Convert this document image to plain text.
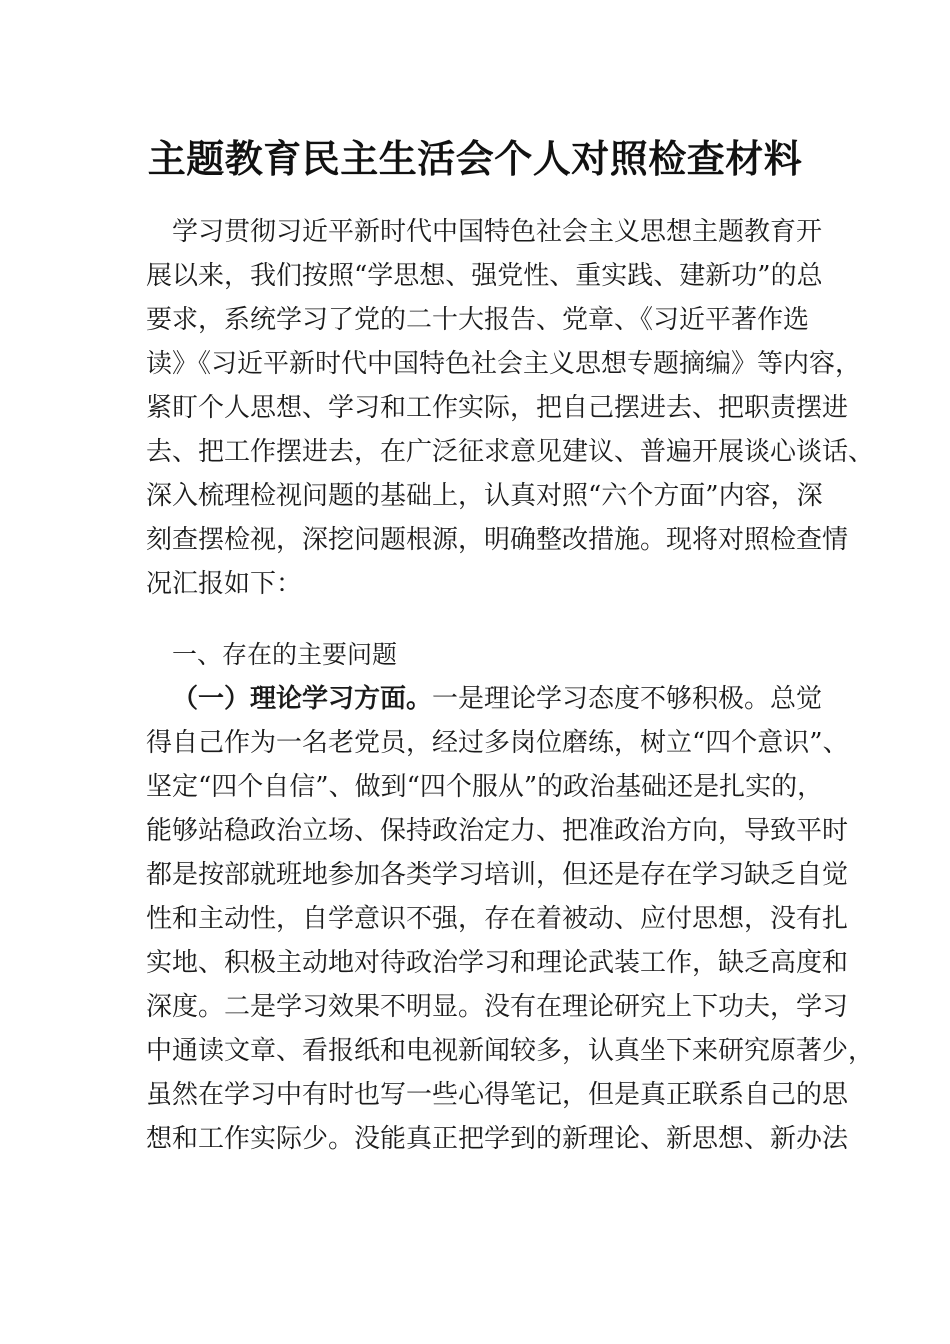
主题教育民主生活会个人对照检查材料
学习贯彻习近平新时代中国特色社会主义思想主题教育开
展以来，我们按照“学思想、强党性、重实践、建新功”的总
要求，系统学习了党的二十大报告、党章、《习近平著作选
读》《习近平新时代中国特色社会主义思想专题摘编》等内容，
紧盯个人思想、学习和工作实际，把自己摆进去、把职责摆进
去、把工作摆进去，在广泛征求意见建议、普遍开展谈心谈话、
深入梳理检视问题的基础上，认真对照“六个方面”内容，深
刻查摆检视，深挖问题根源，明确整改措施。现将对照检查情
况汇报如下：
一、存在的主要问题
（一）理论学习方面。一是理论学习态度不够积极。总觉
得自己作为一名老党员，经过多岗位磨练，树立“四个意识”、
坚定“四个自信”、做到“四个服从”的政治基础还是扎实的，
能够站稳政治立场、保持政治定力、把准政治方向，导致平时
都是按部就班地参加各类学习培训，但还是存在学习缺乏自觉
性和主动性，自学意识不强，存在着被动、应付思想，没有扎
实地、积极主动地对待政治学习和理论武装工作，缺乏高度和
深度。二是学习效果不明显。没有在理论研究上下功夫，学习
中通读文章、看报纸和电视新闻较多，认真坐下来研究原著少，
虽然在学习中有时也写一些心得笔记，但是真正联系自己的思
想和工作实际少。没能真正把学到的新理论、新思想、新办法
